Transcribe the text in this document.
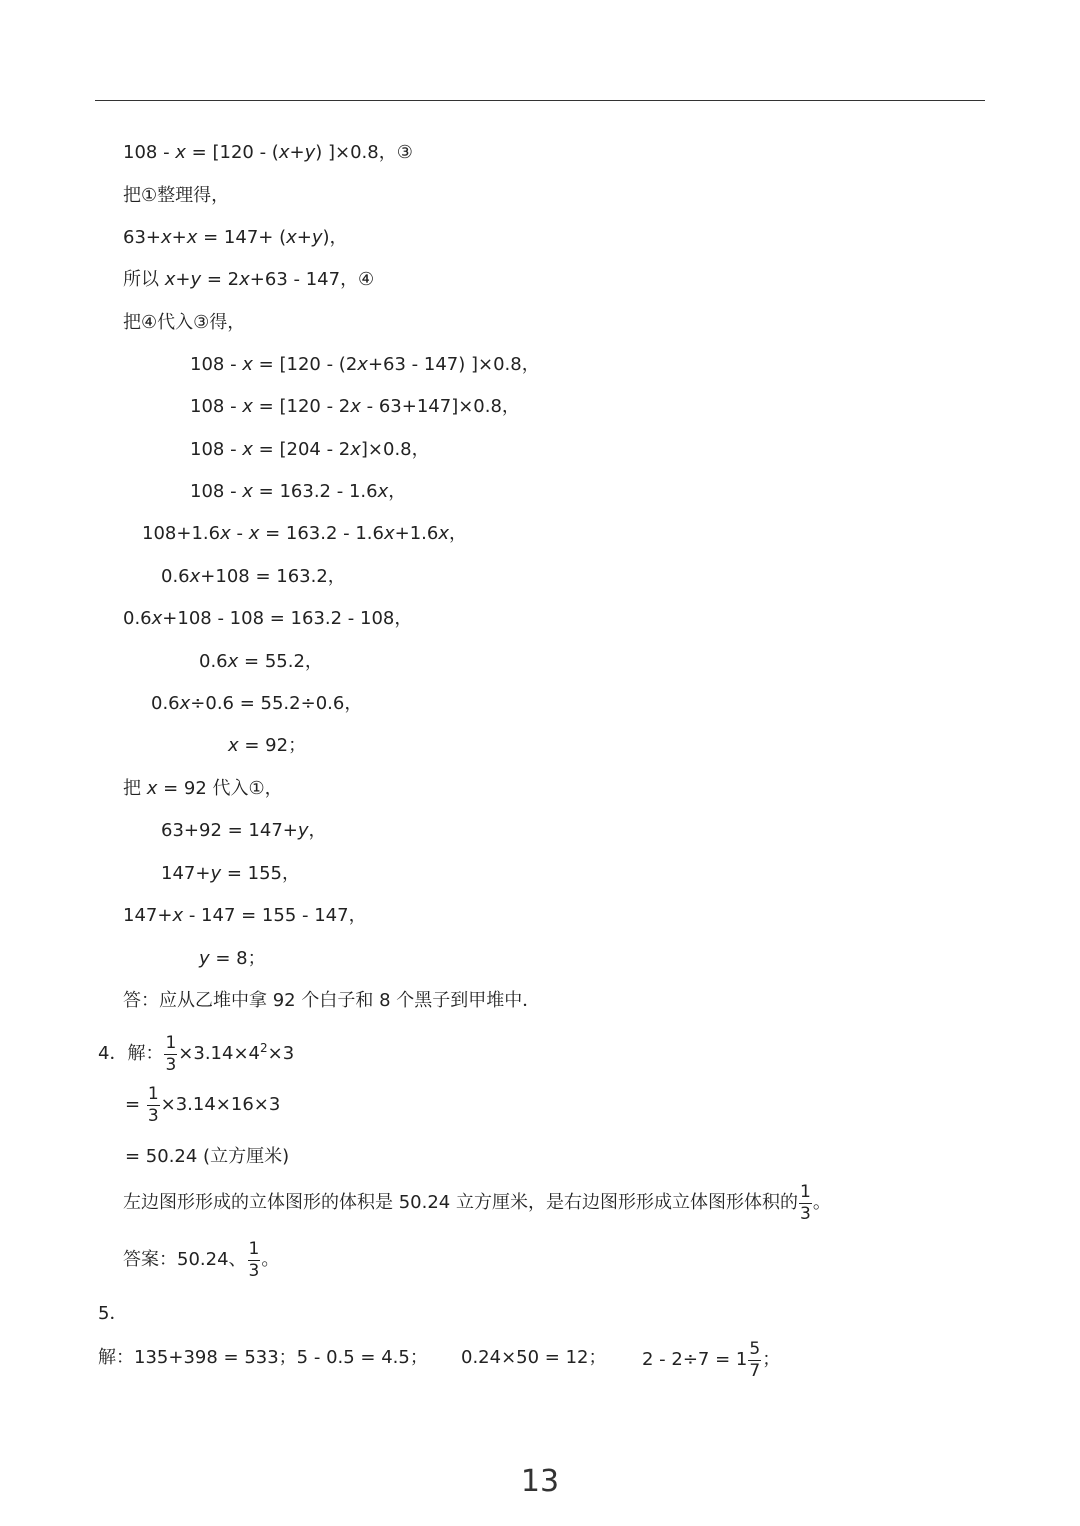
108 - x = [120 - (x+y) ]×0.8，③
把①整理得，
63+x+x = 147+ (x+y)，
所以 x+y = 2x+63 - 147，④
把④代入③得，
108 - x = [120 - (2x+63 - 147) ]×0.8，
108 - x = [120 - 2x - 63+147]×0.8，
108 - x = [204 - 2x]×0.8，
108 - x = 163.2 - 1.6x，
108+1.6x - x = 163.2 - 1.6x+1.6x，
0.6x+108 = 163.2，
0.6x+108 - 108 = 163.2 - 108，
0.6x = 55.2，
0.6x÷0.6 = 55.2÷0.6，
x = 92；
把 x = 92 代入①，
63+92 = 147+y，
147+y = 155，
147+x - 147 = 155 - 147，
y = 8；
答：应从乙堆中拿 92 个白子和 8 个黑子到甲堆中．
4．解： $\frac{1}{3} \times 3.14\times 4^2\times 3$
= $\frac{1}{3} \times 3.14\times 16\times 3$
= 50.24 (立方厘米)
左边图形形成的立体图形的体积是 50.24 立方厘米，是右边图形形成立体图形体积的 $\frac{1}{3}$ 。
答案：50.24、 $\frac{1}{3}$ 。
5．
解：135+398 = 533；5 - 0.5 = 4.5； 0.24×50 = 12； $2 - 2\div 7 = 1 \frac{5}{7}$ ；
13
